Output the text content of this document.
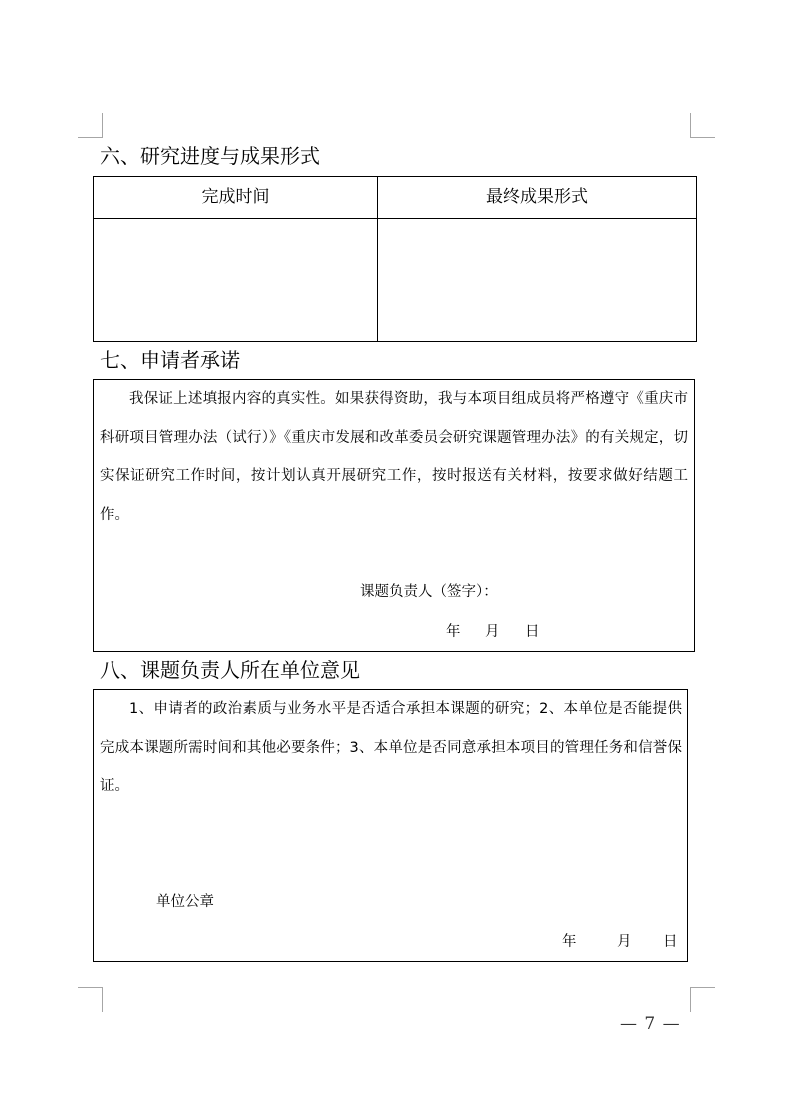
六、研究进度与成果形式
完成时间	最终成果形式
七、申请者承诺

我保证上述填报内容的真实性。如果获得资助，我与本项目组成员将严格遵守《重庆市科研项目管理办法（试行）》《重庆市发展和改革委员会研究课题管理办法》的有关规定，切实保证研究工作时间，按计划认真开展研究工作，按时报送有关材料，按要求做好结题工作。

课题负责人（签字）：
年 月 日
八、课题负责人所在单位意见

1、申请者的政治素质与业务水平是否适合承担本课题的研究；2、本单位是否能提供完成本课题所需时间和其他必要条件；3、本单位是否同意承担本项目的管理任务和信誉保证。

单位公章
年	月 日
— 7 —
